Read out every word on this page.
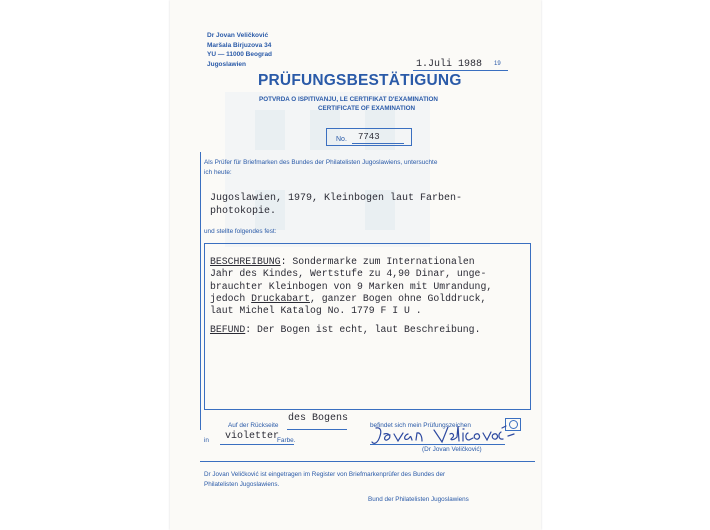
Dr Jovan Veličković
Maršala Birjuzova 34
YU — 11000 Beograd
Jugoslawien	1.Juli 1988 19
PRÜFUNGSBESTÄTIGUNG
POTVRDA O ISPITIVANJU, LE CERTIFIKAT D'EXAMINATION
CERTIFICATE OF EXAMINATION
No. 7743
Als Prüfer für Briefmarken des Bundes der Philatelisten Jugoslawiens, untersuchte
ich heute:
Jugoslawien, 1979, Kleinbogen laut Farben-
photokopie.
und stellte folgendes fest:
BESCHREIBUNG: Sondermarke zum Internationalen
Jahr des Kindes, Wertstufe zu 4,90 Dinar, unge-
brauchter Kleinbogen von 9 Marken mit Umrandung,
jedoch Druckabart, ganzer Bogen ohne Golddruck,
laut Michel Katalog No. 1779 F I U .
BEFUND: Der Bogen ist echt, laut Beschreibung.
Auf der Rückseite
des Bogens
befindet sich mein Prüfungszeichen
in violetter
Farbe.
(Dr Jovan Veličković)
Dr Jovan Veličković ist eingetragen im Register von Briefmarkenprüfer des Bundes der
Philatelisten Jugoslawiens.
Bund der Philatelisten Jugoslawiens
